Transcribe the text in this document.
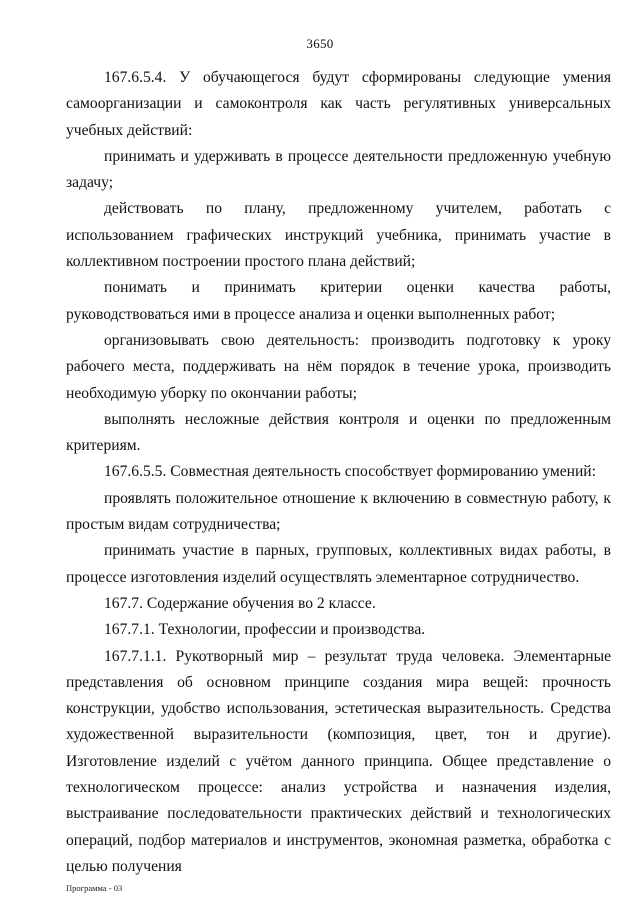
3650

167.6.5.4. У обучающегося будут сформированы следующие умения самоорганизации и самоконтроля как часть регулятивных универсальных учебных действий:

принимать и удерживать в процессе деятельности предложенную учебную задачу;

действовать по плану, предложенному учителем, работать с использованием графических инструкций учебника, принимать участие в коллективном построении простого плана действий;

понимать и принимать критерии оценки качества работы, руководствоваться ими в процессе анализа и оценки выполненных работ;

организовывать свою деятельность: производить подготовку к уроку рабочего места, поддерживать на нём порядок в течение урока, производить необходимую уборку по окончании работы;

выполнять несложные действия контроля и оценки по предложенным критериям.

167.6.5.5. Совместная деятельность способствует формированию умений:

проявлять положительное отношение к включению в совместную работу, к простым видам сотрудничества;

принимать участие в парных, групповых, коллективных видах работы, в процессе изготовления изделий осуществлять элементарное сотрудничество.

167.7. Содержание обучения во 2 классе.

167.7.1. Технологии, профессии и производства.

167.7.1.1. Рукотворный мир – результат труда человека. Элементарные представления об основном принципе создания мира вещей: прочность конструкции, удобство использования, эстетическая выразительность. Средства художественной выразительности (композиция, цвет, тон и другие). Изготовление изделий с учётом данного принципа. Общее представление о технологическом процессе: анализ устройства и назначения изделия, выстраивание последовательности практических действий и технологических операций, подбор материалов и инструментов, экономная разметка, обработка с целью получения

Программа - 03
